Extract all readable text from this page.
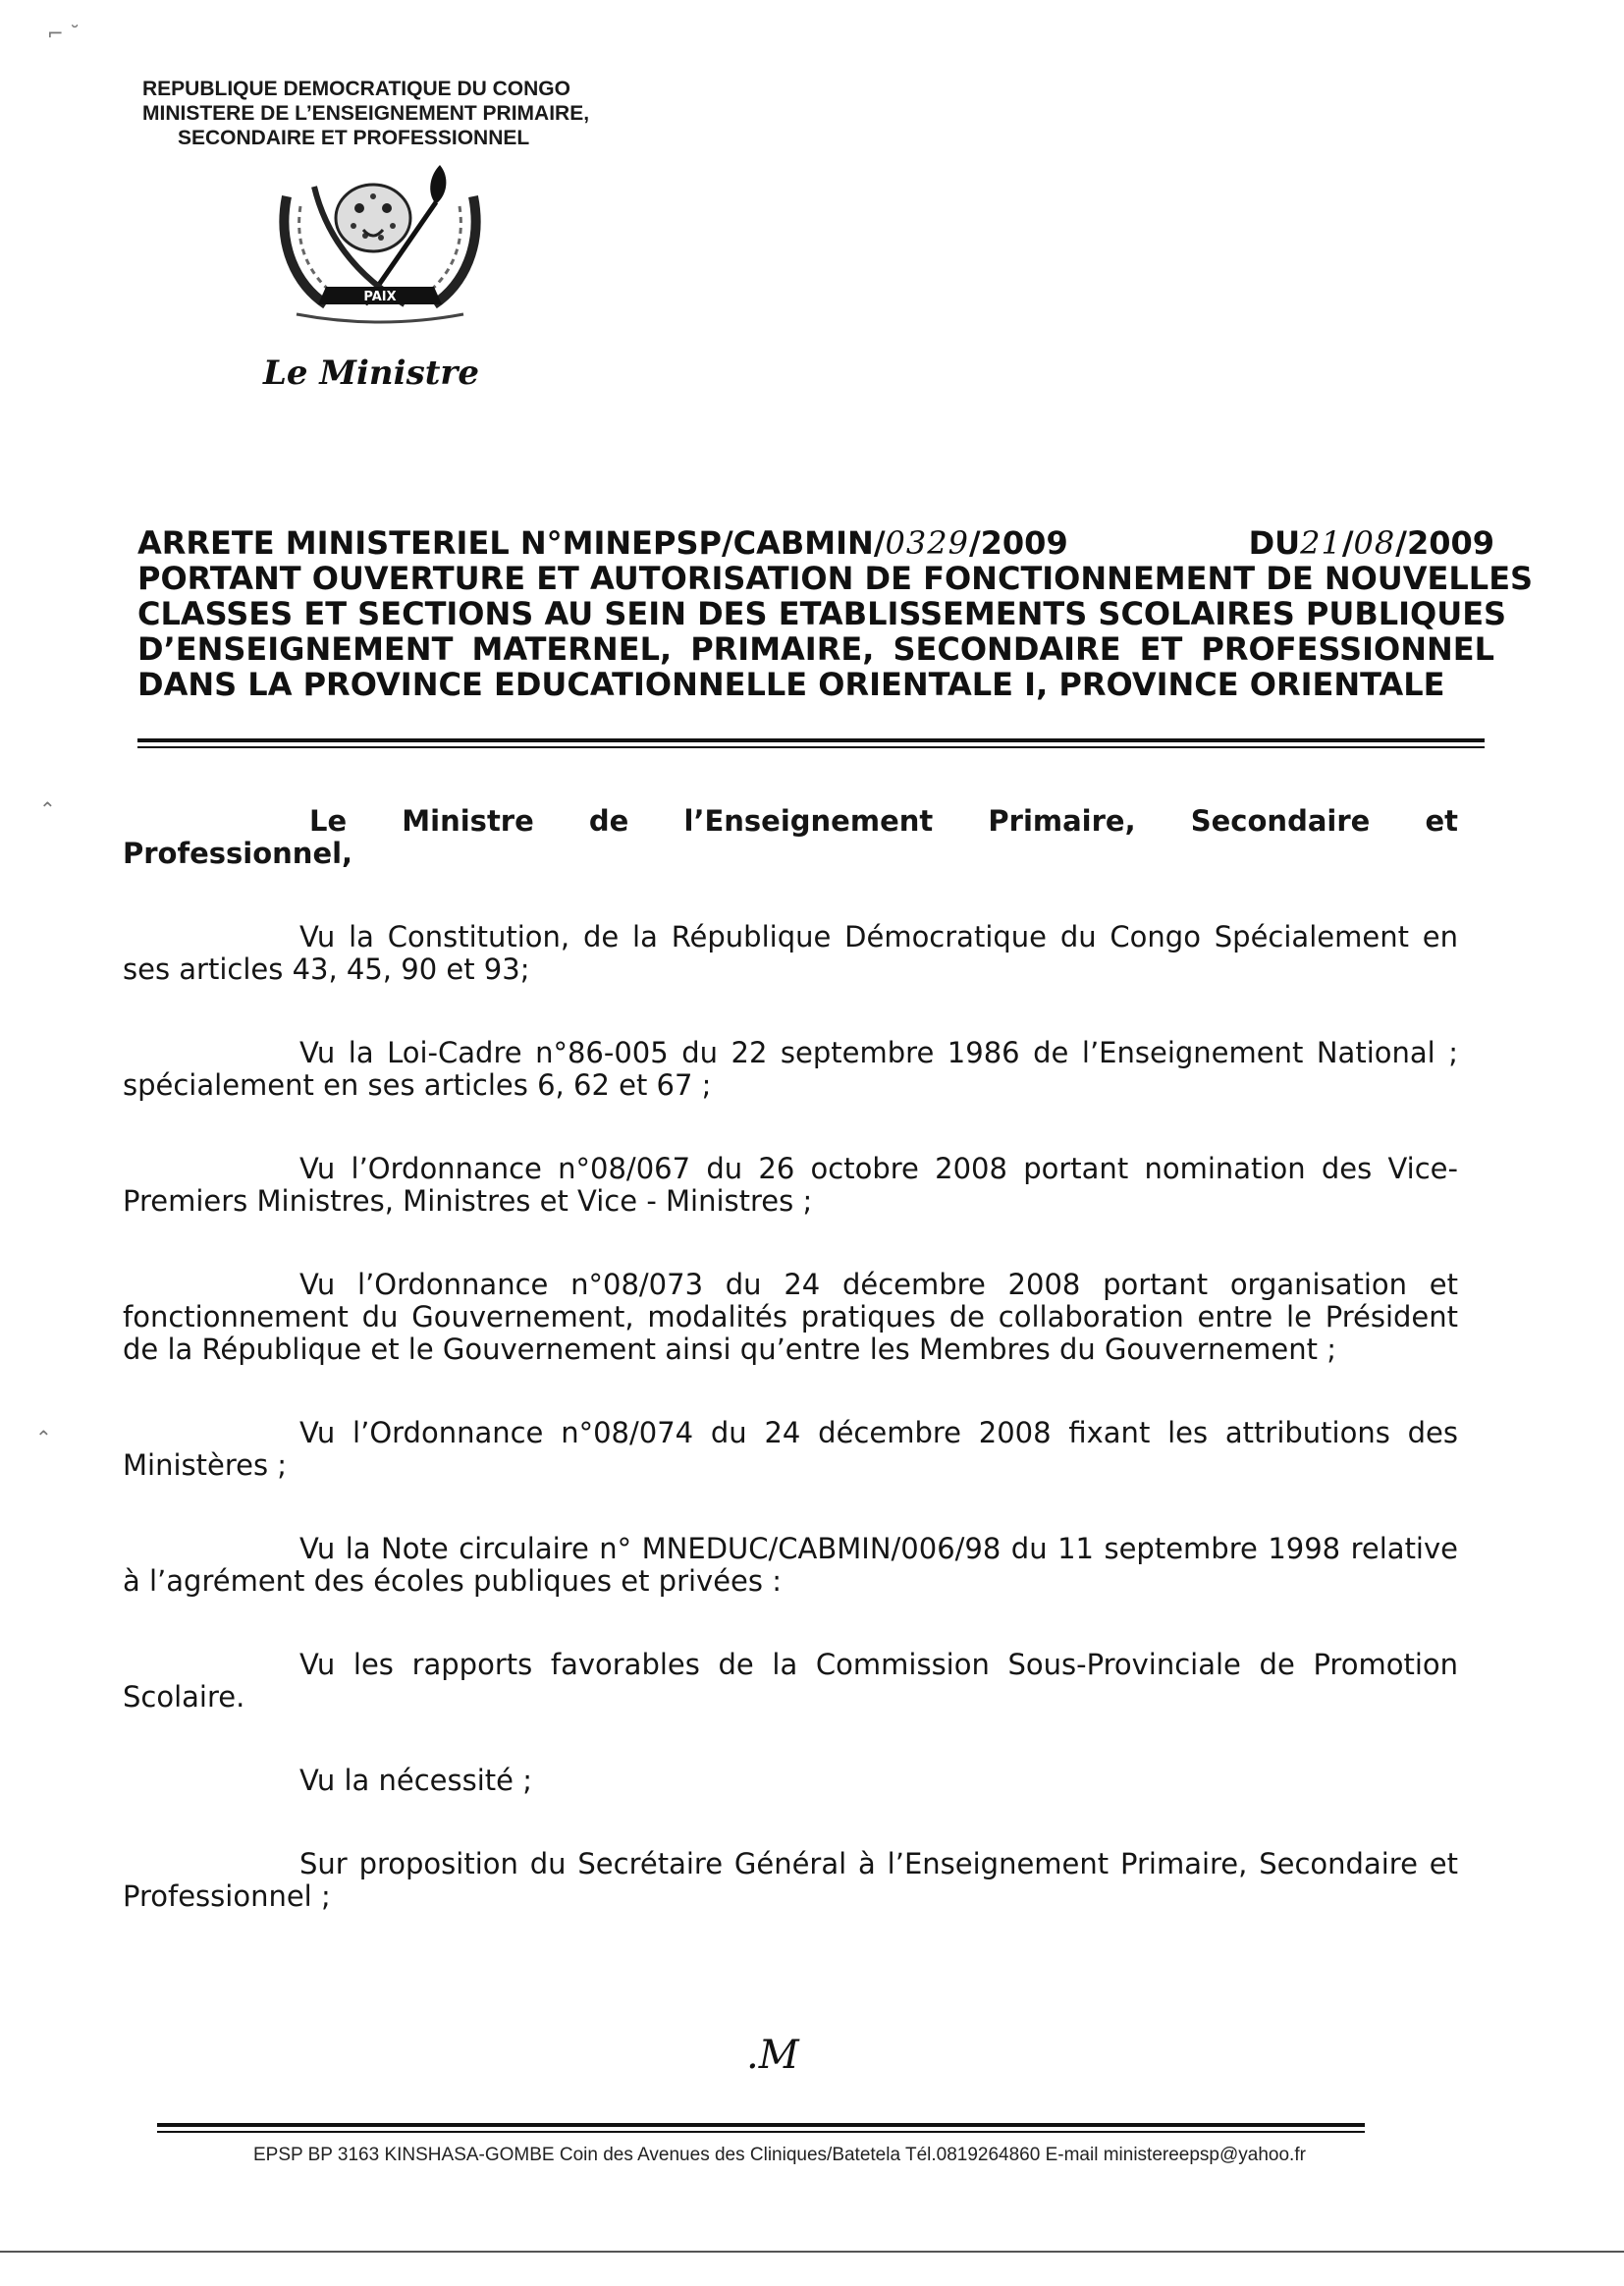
⌐ ˘
⌃
⌃
REPUBLIQUE DEMOCRATIQUE DU CONGO
MINISTERE DE L’ENSEIGNEMENT PRIMAIRE,
SECONDAIRE ET PROFESSIONNEL
PAIX
Le Ministre
ARRETE MINISTERIEL N°MINEPSP/CABMIN/0329/2009	DU21/08/2009
PORTANT OUVERTURE ET AUTORISATION DE FONCTIONNEMENT DE NOUVELLES
CLASSES ET SECTIONS AU SEIN DES ETABLISSEMENTS SCOLAIRES PUBLIQUES
D’ENSEIGNEMENT MATERNEL, PRIMAIRE, SECONDAIRE ET PROFESSIONNEL
DANS LA PROVINCE EDUCATIONNELLE ORIENTALE I, PROVINCE ORIENTALE
Le Ministre de l’Enseignement Primaire, Secondaire et
Professionnel,
Vu la Constitution, de la République Démocratique du Congo Spécialement en ses articles 43, 45, 90 et 93;
Vu la Loi-Cadre n°86-005 du 22 septembre 1986 de l’Enseignement National ; spécialement en ses articles 6, 62 et 67 ;
Vu l’Ordonnance n°08/067 du 26 octobre 2008 portant nomination des Vice-Premiers Ministres, Ministres et Vice - Ministres ;
Vu l’Ordonnance n°08/073 du 24 décembre 2008 portant organisation et fonctionnement du Gouvernement, modalités pratiques de collaboration entre le Président de la République et le Gouvernement ainsi qu’entre les Membres du Gouvernement ;
Vu l’Ordonnance n°08/074 du 24 décembre 2008 fixant les attributions des Ministères ;
Vu la Note circulaire n° MNEDUC/CABMIN/006/98 du 11 septembre 1998 relative à l’agrément des écoles publiques et privées :
Vu les rapports favorables de la Commission Sous-Provinciale de Promotion Scolaire.
Vu la nécessité ;
Sur proposition du Secrétaire Général à l’Enseignement Primaire, Secondaire et Professionnel ;
.M
EPSP BP 3163 KINSHASA-GOMBE Coin des Avenues des Cliniques/Batetela Tél.0819264860 E-mail ministereepsp@yahoo.fr
